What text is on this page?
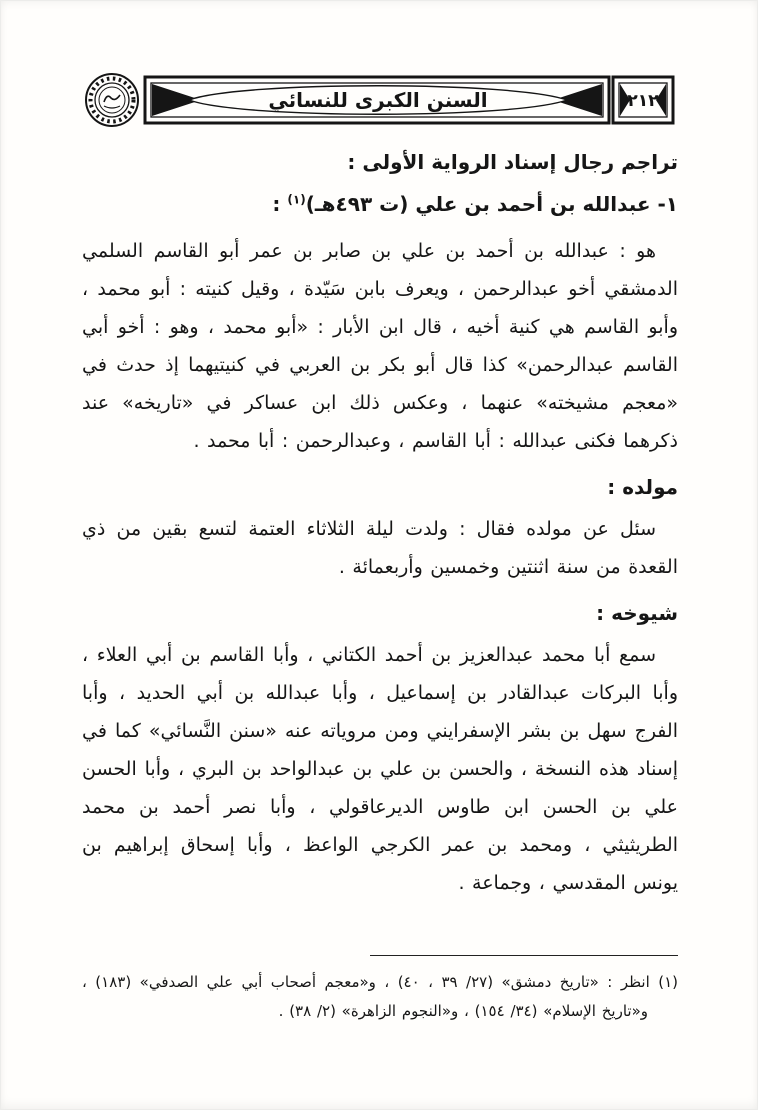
السنن الكبرى للنسائي	٢١٢
تراجم رجال إسناد الرواية الأولى :
١- عبدالله بن أحمد بن علي (ت ٤٩٣هـ)$^{(١)}$ :

هو : عبدالله بن أحمد بن علي بن صابر بن عمر أبو القاسم السلمي الدمشقي أخو عبدالرحمن ، ويعرف بابن سَيّدة ، وقيل كنيته : أبو محمد ، وأبو القاسم هي كنية أخيه ، قال ابن الأبار : «أبو محمد ، وهو : أخو أبي القاسم عبدالرحمن» كذا قال أبو بكر بن العربي في كنيتيهما إذ حدث في «معجم مشيخته» عنهما ، وعكس ذلك ابن عساكر في «تاريخه» عند ذكرهما فكنى عبدالله : أبا القاسم ، وعبدالرحمن : أبا محمد .

مولده :

سئل عن مولده فقال : ولدت ليلة الثلاثاء العتمة لتسع بقين من ذي القعدة من سنة اثنتين وخمسين وأربعمائة .

شيوخه :

سمع أبا محمد عبدالعزيز بن أحمد الكتاني ، وأبا القاسم بن أبي العلاء ، وأبا البركات عبدالقادر بن إسماعيل ، وأبا عبدالله بن أبي الحديد ، وأبا الفرج سهل بن بشر الإسفرايني ومن مروياته عنه «سنن النَّسائي» كما في إسناد هذه النسخة ، والحسن بن علي بن عبدالواحد بن البري ، وأبا الحسن علي بن الحسن ابن طاوس الديرعاقولي ، وأبا نصر أحمد بن محمد الطريثيثي ، ومحمد بن عمر الكرجي الواعظ ، وأبا إسحاق إبراهيم بن يونس المقدسي ، وجماعة .

(١) انظر : «تاريخ دمشق» (٢٧/ ٣٩ ، ٤٠) ، و«معجم أصحاب أبي علي الصدفي» (١٨٣) ، و«تاريخ الإسلام» (٣٤/ ١٥٤) ، و«النجوم الزاهرة» (٢/ ٣٨) .
